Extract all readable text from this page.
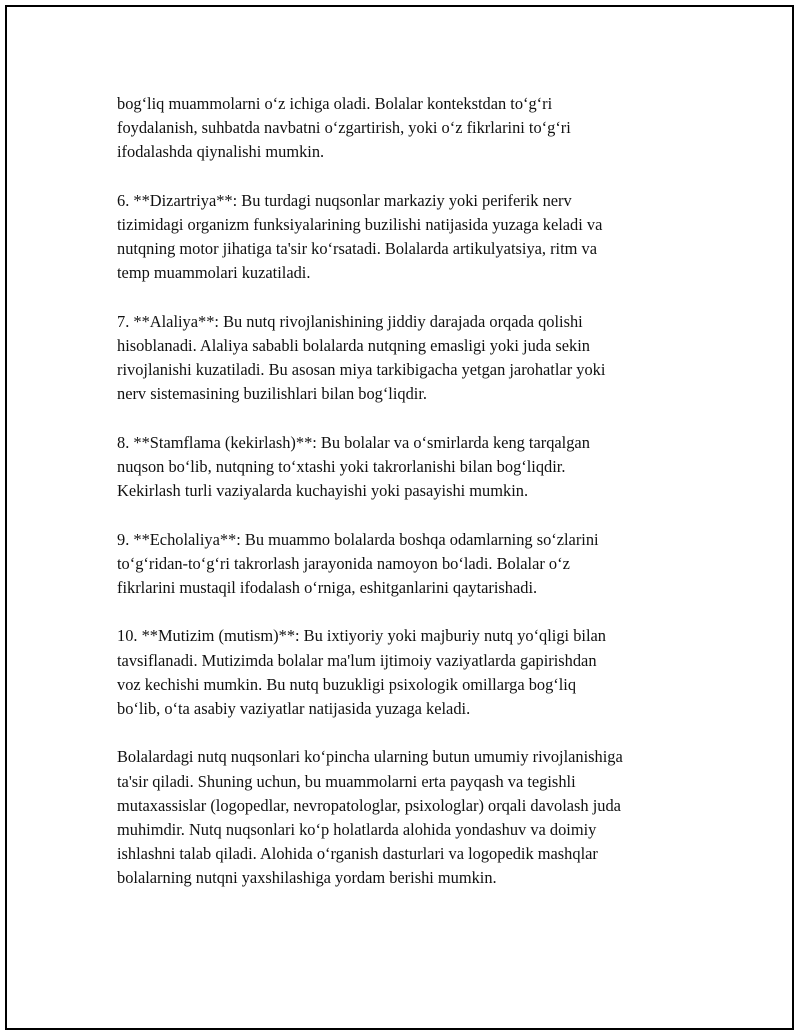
bog‘liq muammolarni o‘z ichiga oladi. Bolalar kontekstdan to‘g‘ri
foydalanish, suhbatda navbatni o‘zgartirish, yoki o‘z fikrlarini to‘g‘ri
ifodalashda qiynalishi mumkin.

6. **Dizartriya**: Bu turdagi nuqsonlar markaziy yoki periferik nerv
tizimidagi organizm funksiyalarining buzilishi natijasida yuzaga keladi va
nutqning motor jihatiga ta'sir ko‘rsatadi. Bolalarda artikulyatsiya, ritm va
temp muammolari kuzatiladi.

7. **Alaliya**: Bu nutq rivojlanishining jiddiy darajada orqada qolishi
hisoblanadi. Alaliya sababli bolalarda nutqning emasligi yoki juda sekin
rivojlanishi kuzatiladi. Bu asosan miya tarkibigacha yetgan jarohatlar yoki
nerv sistemasining buzilishlari bilan bog‘liqdir.

8. **Stamflama (kekirlash)**: Bu bolalar va o‘smirlarda keng tarqalgan
nuqson bo‘lib, nutqning to‘xtashi yoki takrorlanishi bilan bog‘liqdir.
Kekirlash turli vaziyalarda kuchayishi yoki pasayishi mumkin.

9. **Echolaliya**: Bu muammo bolalarda boshqa odamlarning so‘zlarini
to‘g‘ridan-to‘g‘ri takrorlash jarayonida namoyon bo‘ladi. Bolalar o‘z
fikrlarini mustaqil ifodalash o‘rniga, eshitganlarini qaytarishadi.

10. **Mutizim (mutism)**: Bu ixtiyoriy yoki majburiy nutq yo‘qligi bilan
tavsiflanadi. Mutizimda bolalar ma'lum ijtimoiy vaziyatlarda gapirishdan
voz kechishi mumkin. Bu nutq buzukligi psixologik omillarga bog‘liq
bo‘lib, o‘ta asabiy vaziyatlar natijasida yuzaga keladi.

Bolalardagi nutq nuqsonlari ko‘pincha ularning butun umumiy rivojlanishiga
ta'sir qiladi. Shuning uchun, bu muammolarni erta payqash va tegishli
mutaxassislar (logopedlar, nevropatologlar, psixologlar) orqali davolash juda
muhimdir. Nutq nuqsonlari ko‘p holatlarda alohida yondashuv va doimiy
ishlashni talab qiladi. Alohida o‘rganish dasturlari va logopedik mashqlar
bolalarning nutqni yaxshilashiga yordam berishi mumkin.
